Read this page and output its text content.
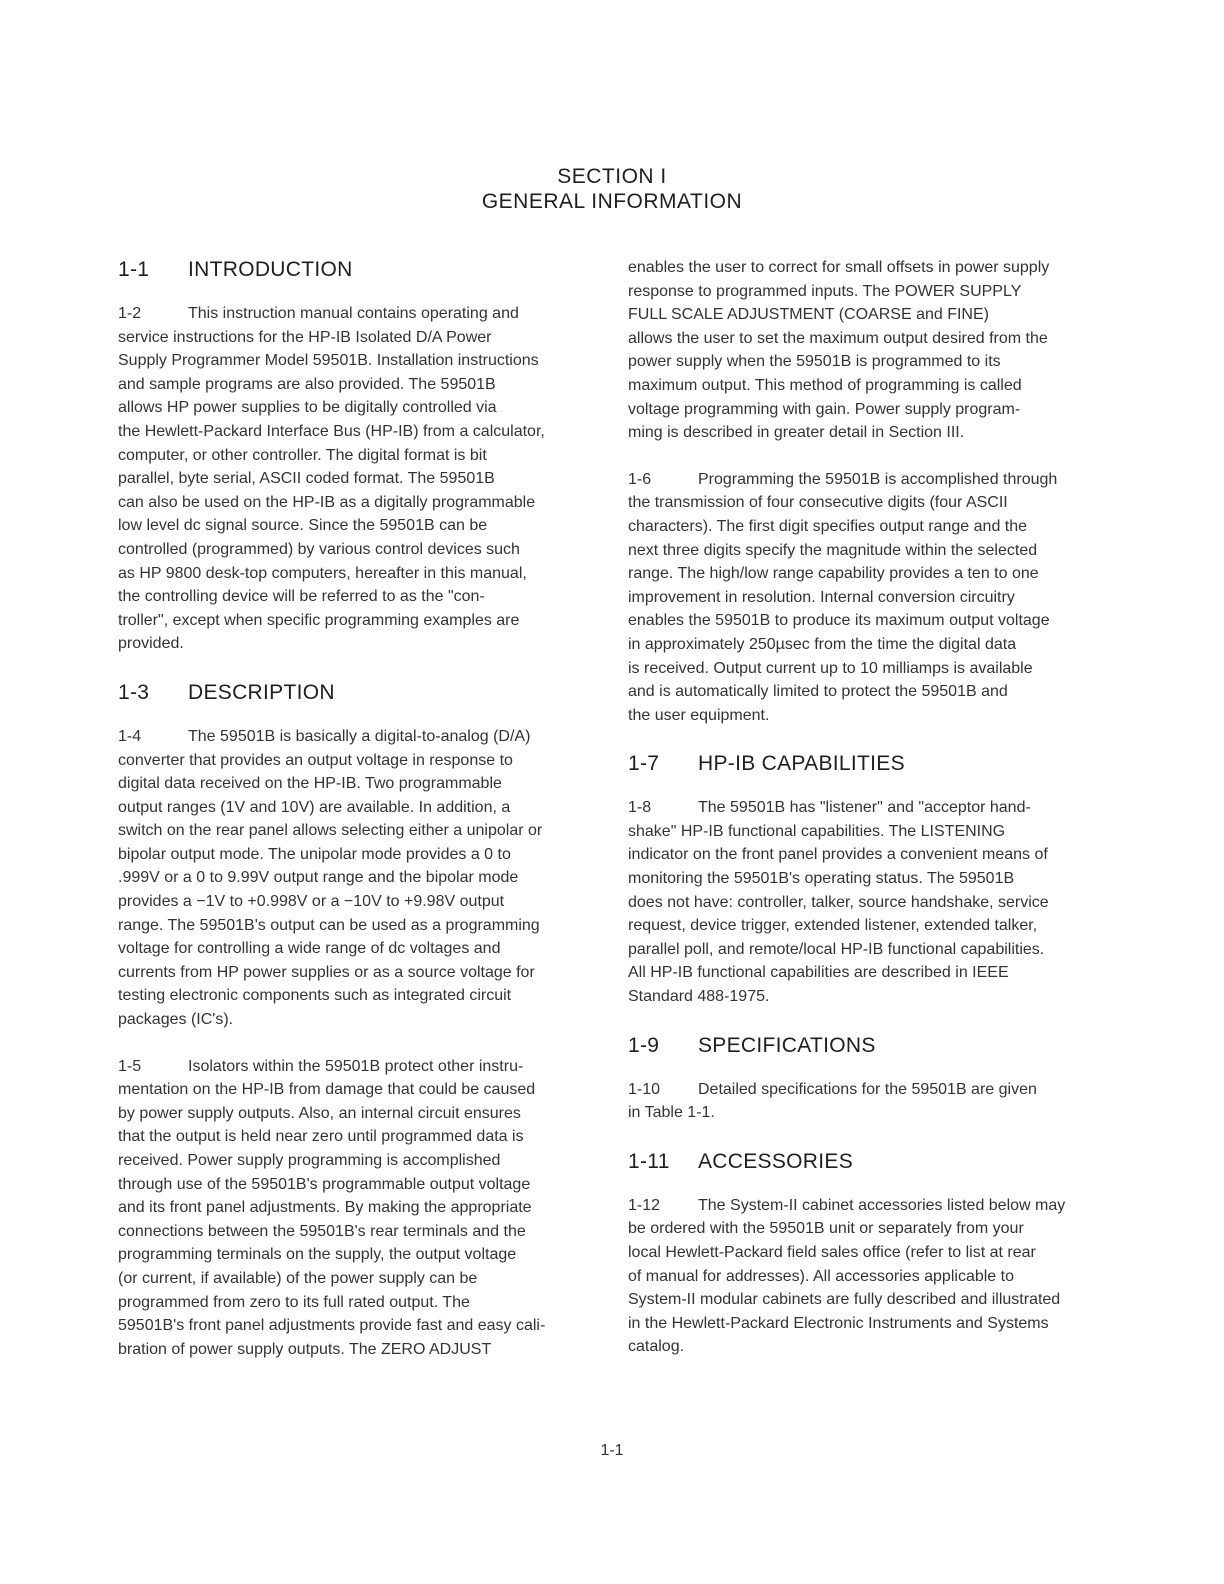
SECTION I
GENERAL INFORMATION
1-1 INTRODUCTION
1-2	This instruction manual contains operating and
service instructions for the HP-IB Isolated D/A Power
Supply Programmer Model 59501B. Installation instructions
and sample programs are also provided. The 59501B
allows HP power supplies to be digitally controlled via
the Hewlett-Packard Interface Bus (HP-IB) from a calculator,
computer, or other controller. The digital format is bit
parallel, byte serial, ASCII coded format. The 59501B
can also be used on the HP-IB as a digitally programmable
low level dc signal source. Since the 59501B can be
controlled (programmed) by various control devices such
as HP 9800 desk-top computers, hereafter in this manual,
the controlling device will be referred to as the "con-
troller", except when specific programming examples are
provided.
1-3 DESCRIPTION
1-4	The 59501B is basically a digital-to-analog (D/A)
converter that provides an output voltage in response to
digital data received on the HP-IB. Two programmable
output ranges (1V and 10V) are available. In addition, a
switch on the rear panel allows selecting either a unipolar or
bipolar output mode. The unipolar mode provides a 0 to
.999V or a 0 to 9.99V output range and the bipolar mode
provides a −1V to +0.998V or a −10V to +9.98V output
range. The 59501B's output can be used as a programming
voltage for controlling a wide range of dc voltages and
currents from HP power supplies or as a source voltage for
testing electronic components such as integrated circuit
packages (IC's).
1-5	Isolators within the 59501B protect other instru-
mentation on the HP-IB from damage that could be caused
by power supply outputs. Also, an internal circuit ensures
that the output is held near zero until programmed data is
received. Power supply programming is accomplished
through use of the 59501B's programmable output voltage
and its front panel adjustments. By making the appropriate
connections between the 59501B's rear terminals and the
programming terminals on the supply, the output voltage
(or current, if available) of the power supply can be
programmed from zero to its full rated output. The
59501B's front panel adjustments provide fast and easy cali-
bration of power supply outputs. The ZERO ADJUST
enables the user to correct for small offsets in power supply
response to programmed inputs. The POWER SUPPLY
FULL SCALE ADJUSTMENT (COARSE and FINE)
allows the user to set the maximum output desired from the
power supply when the 59501B is programmed to its
maximum output. This method of programming is called
voltage programming with gain. Power supply program-
ming is described in greater detail in Section III.
1-6	Programming the 59501B is accomplished through
the transmission of four consecutive digits (four ASCII
characters). The first digit specifies output range and the
next three digits specify the magnitude within the selected
range. The high/low range capability provides a ten to one
improvement in resolution. Internal conversion circuitry
enables the 59501B to produce its maximum output voltage
in approximately 250µsec from the time the digital data
is received. Output current up to 10 milliamps is available
and is automatically limited to protect the 59501B and
the user equipment.
1-7 HP-IB CAPABILITIES
1-8	The 59501B has "listener" and "acceptor hand-
shake" HP-IB functional capabilities. The LISTENING
indicator on the front panel provides a convenient means of
monitoring the 59501B's operating status. The 59501B
does not have: controller, talker, source handshake, service
request, device trigger, extended listener, extended talker,
parallel poll, and remote/local HP-IB functional capabilities.
All HP-IB functional capabilities are described in IEEE
Standard 488-1975.
1-9 SPECIFICATIONS
1-10 Detailed specifications for the 59501B are given
in Table 1-1.
1-11 ACCESSORIES
1-12 The System-II cabinet accessories listed below may
be ordered with the 59501B unit or separately from your
local Hewlett-Packard field sales office (refer to list at rear
of manual for addresses). All accessories applicable to
System-II modular cabinets are fully described and illustrated
in the Hewlett-Packard Electronic Instruments and Systems
catalog.
1-1
